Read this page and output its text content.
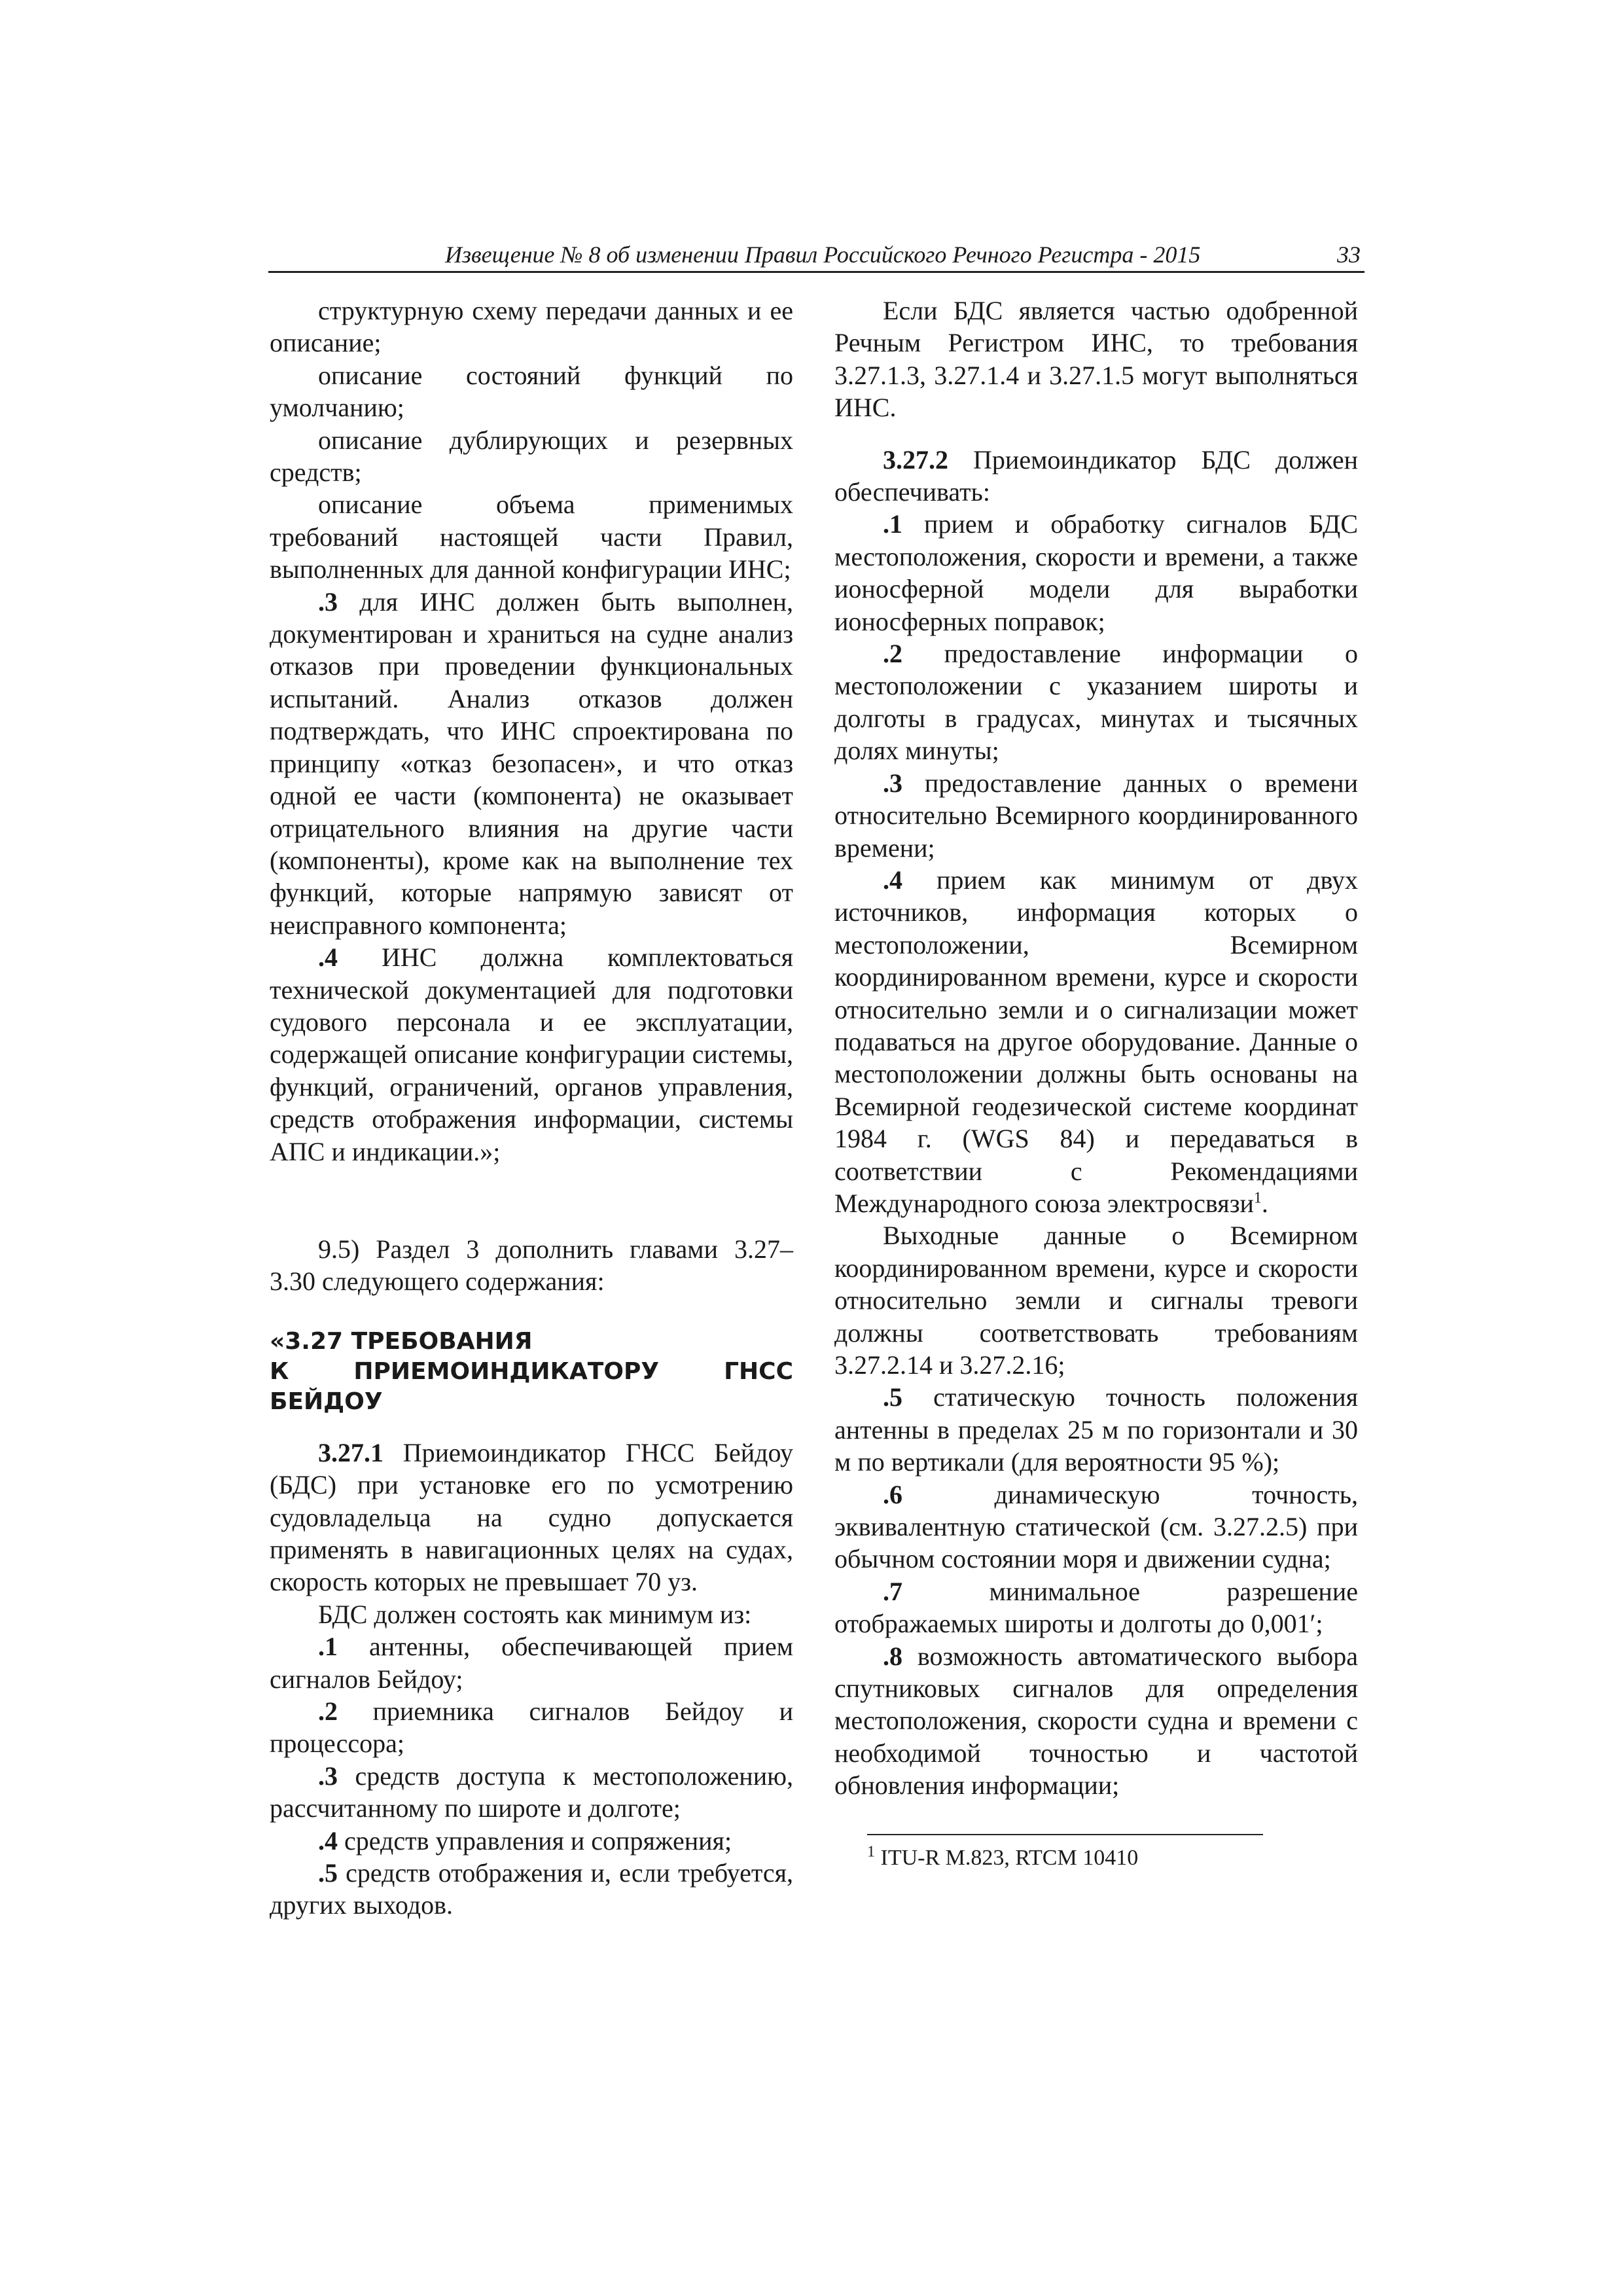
Извещение № 8 об изменении Правил Российского Речного Регистра - 2015	33

структурную схему передачи данных и ее описание;

описание состояний функций по умолчанию;

описание дублирующих и резервных средств;

описание объема применимых требований настоящей части Правил, выполненных для данной конфигурации ИНС;

.3 для ИНС должен быть выполнен, документирован и храниться на судне анализ отказов при проведении функциональных испытаний. Анализ отказов должен подтверждать, что ИНС спроектирована по принципу «отказ безопасен», и что отказ одной ее части (компонента) не оказывает отрицательного влияния на другие части (компоненты), кроме как на выполнение тех функций, которые напрямую зависят от неисправного компонента;

.4 ИНС должна комплектоваться технической документацией для подготовки судового персонала и ее эксплуатации, содержащей описание конфигурации системы, функций, ограничений, органов управления, средств отображения информации, системы АПС и индикации.»;

9.5) Раздел 3 дополнить главами 3.27– 3.30 следующего содержания:

«3.27 ТРЕБОВАНИЯ

К ПРИЕМОИНДИКАТОРУ ГНСС БЕЙДОУ

3.27.1 Приемоиндикатор ГНСС Бейдоу (БДС) при установке его по усмотрению судовладельца на судно допускается применять в навигационных целях на судах, скорость которых не превышает 70 уз.

БДС должен состоять как минимум из:

.1 антенны, обеспечивающей прием сигналов Бейдоу;

.2 приемника сигналов Бейдоу и процессора;

.3 средств доступа к местоположению, рассчитанному по широте и долготе;

.4 средств управления и сопряжения;

.5 средств отображения и, если требуется, других выходов.

Если БДС является частью одобренной Речным Регистром ИНС, то требования 3.27.1.3, 3.27.1.4 и 3.27.1.5 могут выполняться ИНС.

3.27.2 Приемоиндикатор БДС должен обеспечивать:

.1 прием и обработку сигналов БДС местоположения, скорости и времени, а также ионосферной модели для выработки ионосферных поправок;

.2 предоставление информации о местоположении с указанием широты и долготы в градусах, минутах и тысячных долях минуты;

.3 предоставление данных о времени относительно Всемирного координированного времени;

.4 прием как минимум от двух источников, информация которых о местоположении, Всемирном координированном времени, курсе и скорости относительно земли и о сигнализации может подаваться на другое оборудование. Данные о местоположении должны быть основаны на Всемирной геодезической системе координат 1984 г. (WGS 84) и передаваться в соответствии с Рекомендациями Международного союза электросвязи$^1$.

Выходные данные о Всемирном координированном времени, курсе и скорости относительно земли и сигналы тревоги должны соответствовать требованиям 3.27.2.14 и 3.27.2.16;

.5 статическую точность положения антенны в пределах 25 м по горизонтали и 30 м по вертикали (для вероятности 95 %);

.6	динамическую точность, эквивалентную статической (см. 3.27.2.5) при обычном состоянии моря и движении судна;

.7	минимальное разрешение отображаемых широты и долготы до 0,001′;

.8 возможность автоматического выбора спутниковых сигналов для определения местоположения, скорости судна и времени с необходимой точностью и частотой обновления информации;

$^1$ ITU-R M.823, RTCM 10410
